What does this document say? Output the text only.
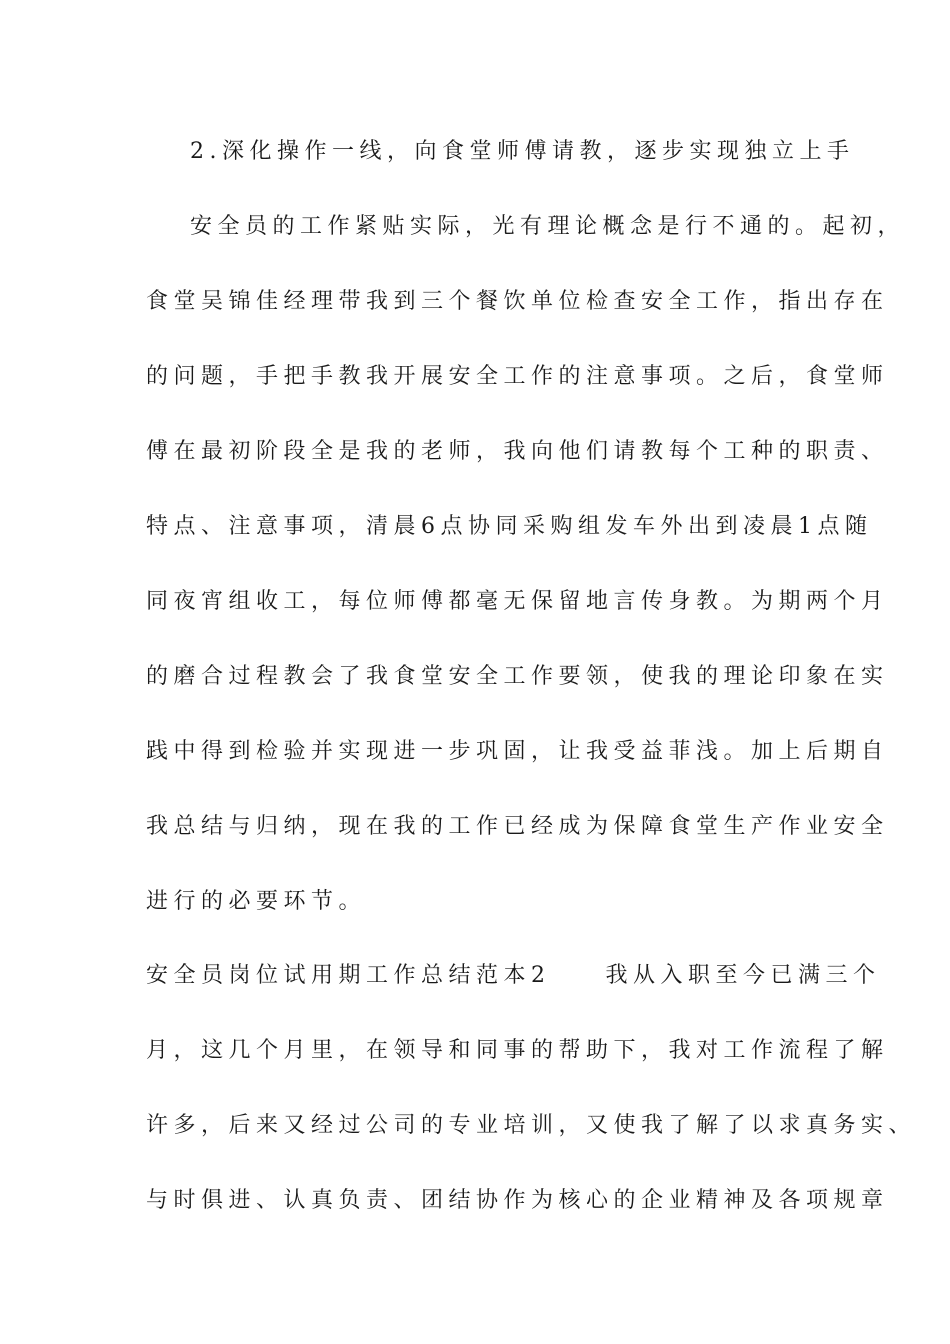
2.深化操作一线，向食堂师傅请教，逐步实现独立上手
安全员的工作紧贴实际，光有理论概念是行不通的。起初，
食堂吴锦佳经理带我到三个餐饮单位检查安全工作，指出存在
的问题，手把手教我开展安全工作的注意事项。之后，食堂师
傅在最初阶段全是我的老师，我向他们请教每个工种的职责、
特点、注意事项，清晨6点协同采购组发车外出到凌晨1点随
同夜宵组收工，每位师傅都毫无保留地言传身教。为期两个月
的磨合过程教会了我食堂安全工作要领，使我的理论印象在实
践中得到检验并实现进一步巩固，让我受益菲浅。加上后期自
我总结与归纳，现在我的工作已经成为保障食堂生产作业安全
进行的必要环节。
安全员岗位试用期工作总结范本2　　我从入职至今已满三个
月，这几个月里，在领导和同事的帮助下，我对工作流程了解
许多，后来又经过公司的专业培训，又使我了解了以求真务实、
与时俱进、认真负责、团结协作为核心的企业精神及各项规章
